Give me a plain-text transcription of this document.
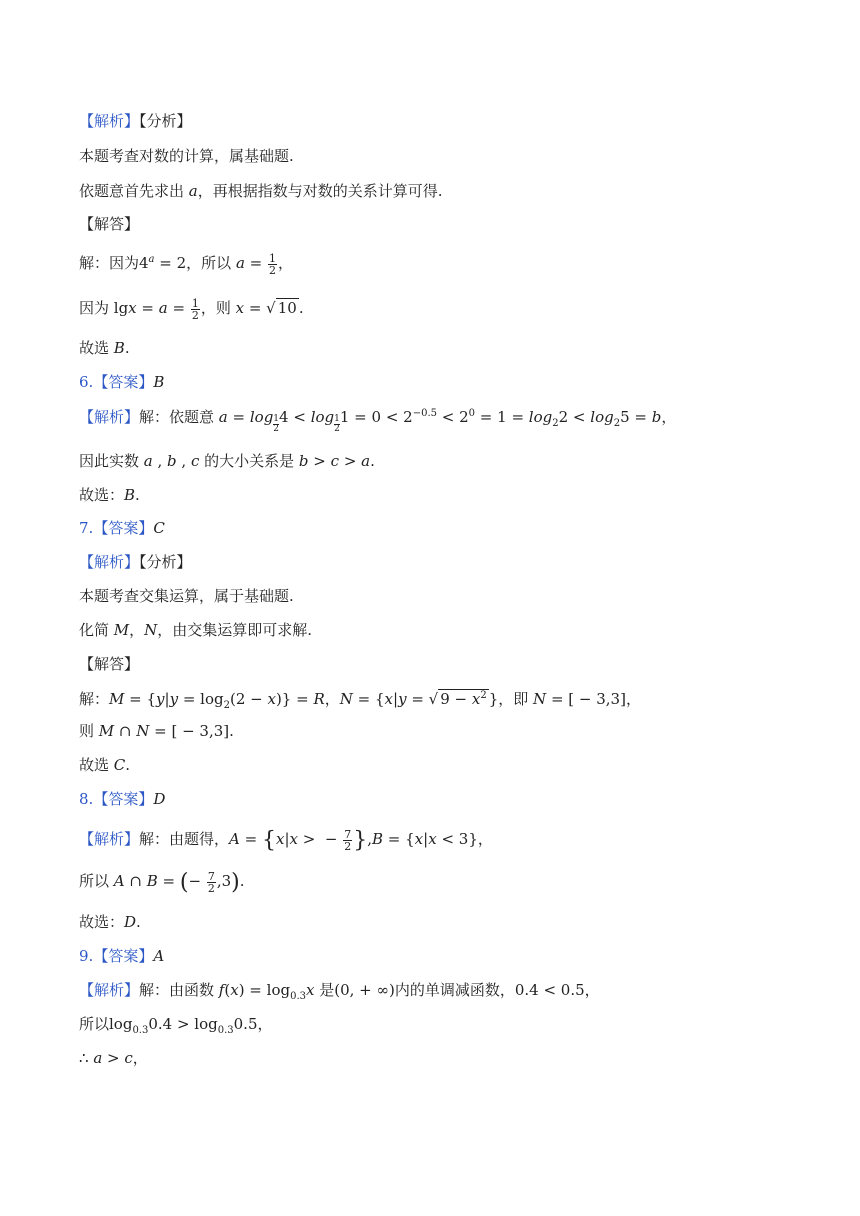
【解析】【分析】
本题考查对数的计算，属基础题.
依题意首先求出 a，再根据指数与对数的关系计算可得.
【解答】
解：因为$4^a = 2$，所以 $a = \frac{1}{2}$ ，
因为 $\lg x = a = \frac{1}{2}$ ，则 x = √ 10 .
故选 B.
6.【答案】B
【解析】解：依题意 $a = \log \frac{1}{2} 4 < \log \frac{1}{2} 1 = 0 < 2^{-0.5} < 2^0 = 1 = \log_22 < \log_25 = b$，
因此实数 a , b , c 的大小关系是 b > c > a.
故选：B.
7.【答案】C
【解析】【分析】
本题考查交集运算，属于基础题.
化简 M，N，由交集运算即可求解.
【解答】
解：$M = \{y|y = \log_2(2 - x)\} = R$，N = {x|y = √ $9 - x^2$ }，即 N = [ − 3,3]，
则 M ∩ N = [ − 3,3].
故选 C.
8.【答案】D
【解析】解：由题得，A = {x|x >  − $\frac{7}{2} \},B = \{x|x < 3\}$，
所以 A ∩ B = (− $\frac{7}{2} ,3$).
故选：D.
9.【答案】A
【解析】解：由函数 $f(x) = \log_{0.3}x$ 是(0, + ∞)内的单调减函数，0.4 < 0.5，
所以$\log_{0.3}0.4 > \log_{0.3}0.5$，
∴ a > c，
